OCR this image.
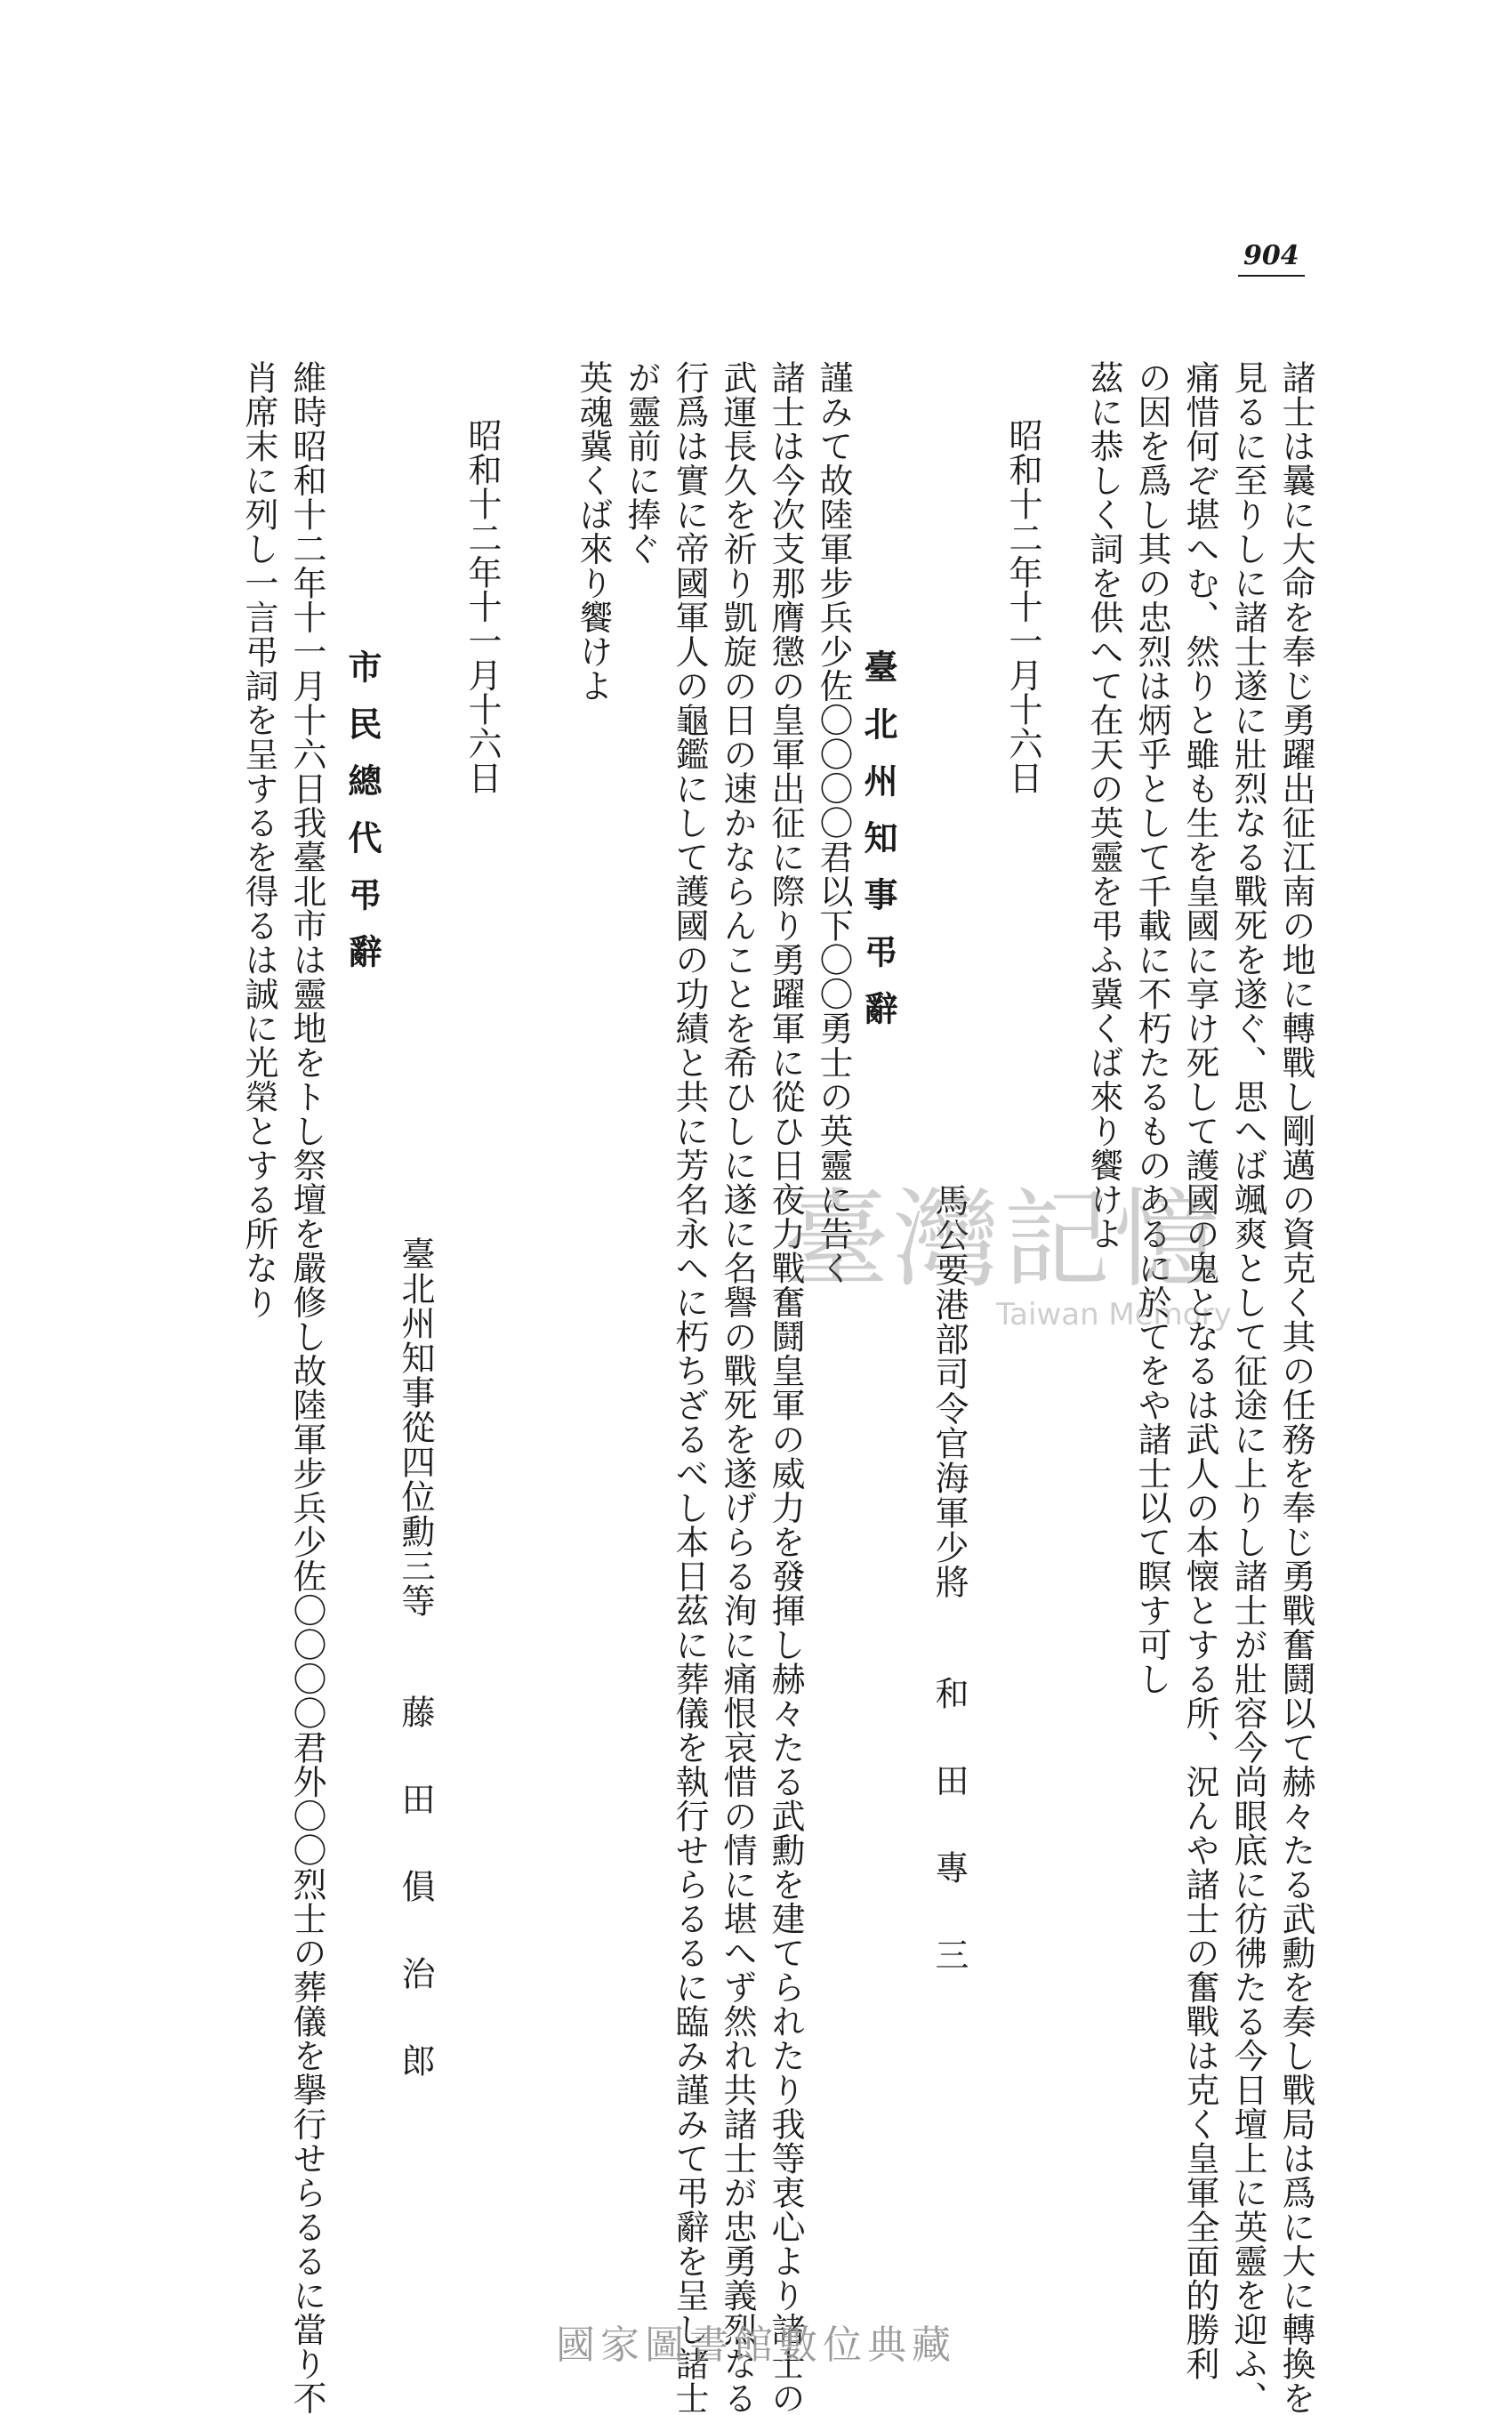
904
諸士は曩に大命を奉じ勇躍出征江南の地に轉戰し剛邁の資克く其の任務を奉じ勇戰奮鬪以て赫々たる武勳を奏し戰局は爲に大に轉換を
見るに至りしに諸士遂に壯烈なる戰死を遂ぐ、思へば颯爽として征途に上りし諸士が壯容今尚眼底に彷彿たる今日壇上に英靈を迎ふ、
痛惜何ぞ堪へむ、然りと雖も生を皇國に享け死して護國の鬼となるは武人の本懐とする所、況んや諸士の奮戰は克く皇軍全面的勝利
の因を爲し其の忠烈は炳乎として千載に不朽たるものあるに於てをや諸士以て瞑す可し
茲に恭しく詞を供へて在天の英靈を弔ふ冀くば來り饗けよ
昭和十二年十一月十六日
馬公要港部司令官海軍少將  和田專三
臺北州知事弔辭
謹みて故陸軍步兵少佐〇〇〇〇君以下〇〇勇士の英靈に告く
諸士は今次支那膺懲の皇軍出征に際り勇躍軍に從ひ日夜力戰奮鬪皇軍の威力を發揮し赫々たる武勳を建てられたり我等衷心より諸士の
武運長久を祈り凱旋の日の速かならんことを希ひしに遂に名譽の戰死を遂げらる洵に痛恨哀惜の情に堪へず然れ共諸士が忠勇義烈なる
行爲は實に帝國軍人の龜鑑にして護國の功績と共に芳名永へに朽ちざるべし本日茲に葬儀を執行せらるるに臨み謹みて弔辭を呈し諸士
が靈前に捧ぐ
英魂冀くば來り饗けよ
昭和十二年十一月十六日
臺北州知事從四位勳三等  藤田傊治郎
市民總代弔辭
維時昭和十二年十一月十六日我臺北市は靈地をトし祭壇を嚴修し故陸軍步兵少佐〇〇〇〇君外〇〇烈士の葬儀を擧行せらるるに當り不
肖席末に列し一言弔詞を呈するを得るは誠に光榮とする所なり	臺灣記憶
Taiwan Memory
國家圖書館數位典藏
